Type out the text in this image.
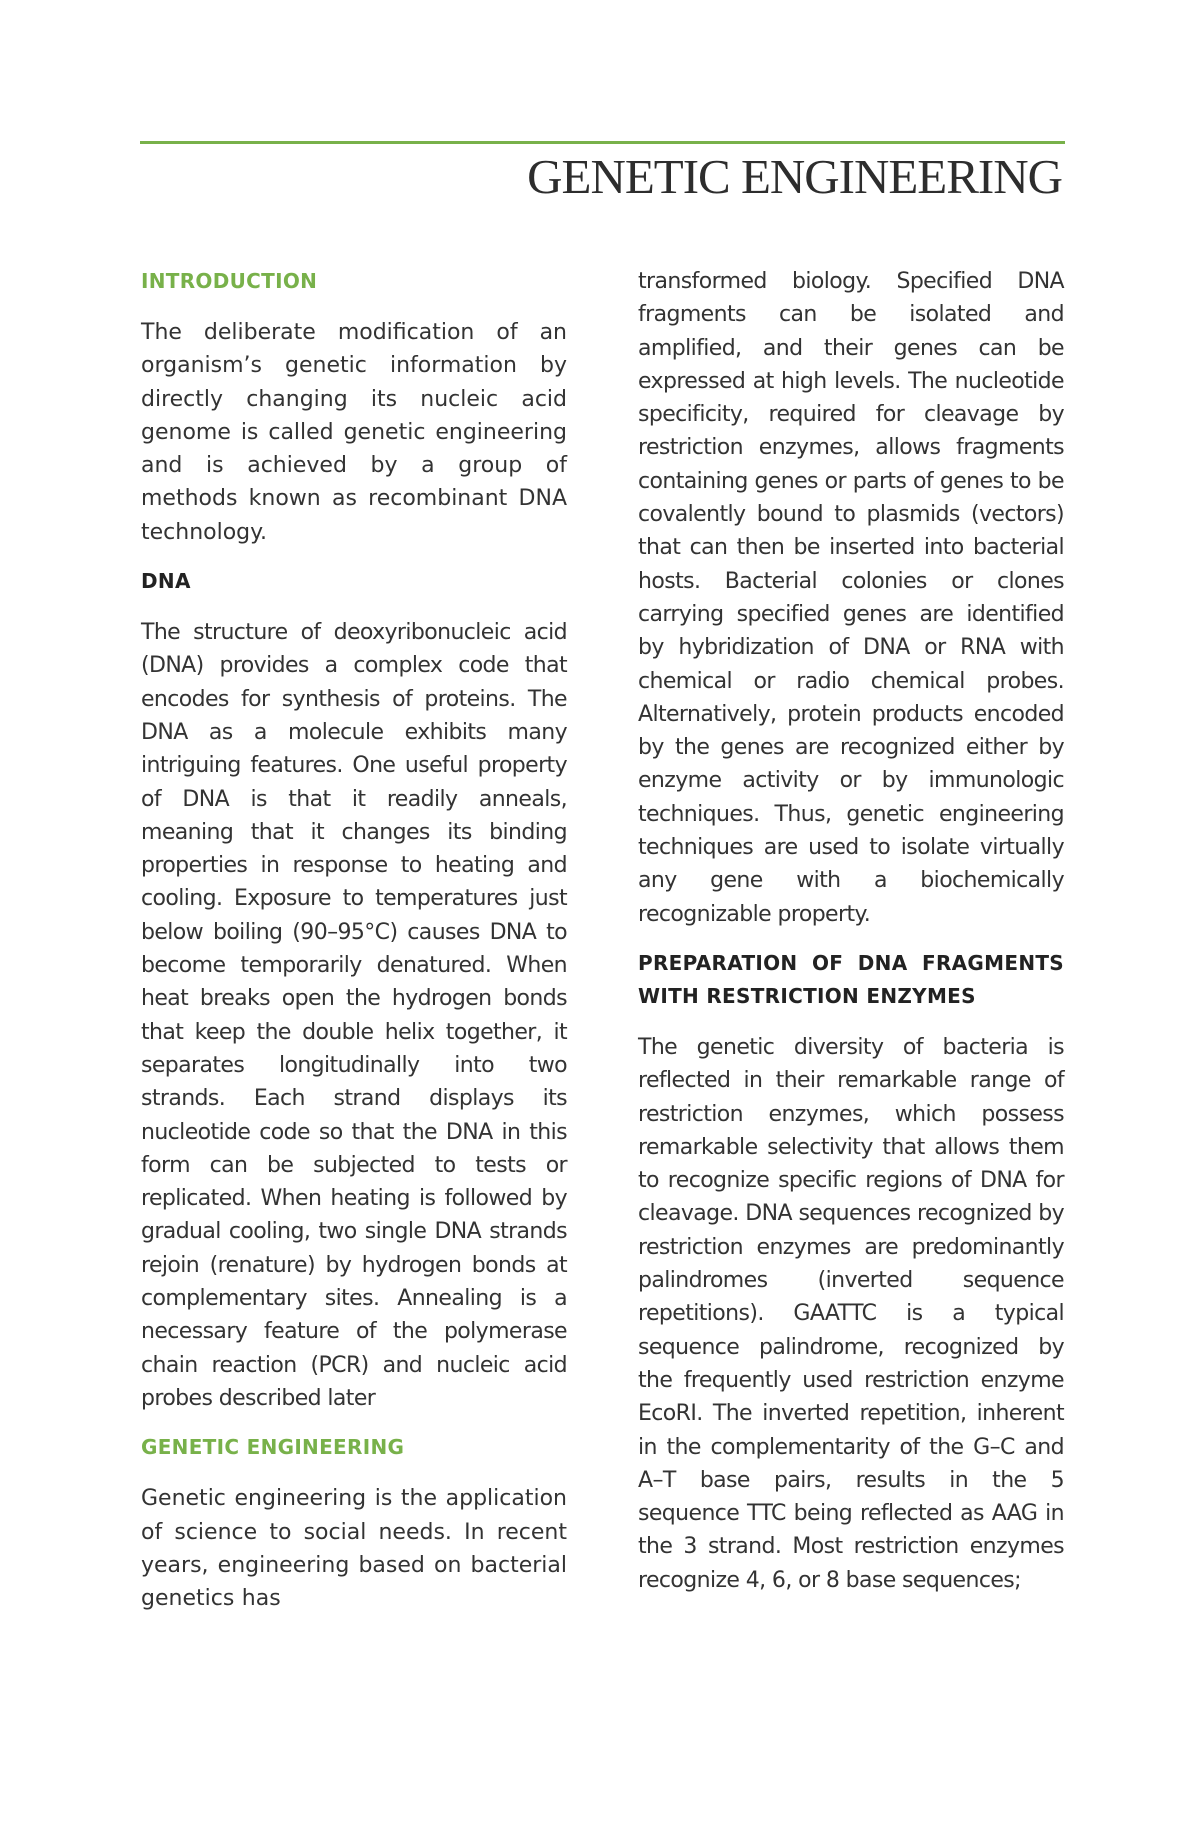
GENETIC ENGINEERING
INTRODUCTION

The deliberate modification of an organism’s genetic information by directly changing its nucleic acid genome is called genetic engineering and is achieved by a group of methods known as recombinant DNA technology.

DNA

The structure of deoxyribonucleic acid (DNA) provides a complex code that encodes for synthesis of proteins. The DNA as a molecule exhibits many intriguing features. One useful property of DNA is that it readily anneals, meaning that it changes its binding properties in response to heating and cooling. Exposure to temperatures just below boiling (90–95°C) causes DNA to become temporarily denatured. When heat breaks open the hydrogen bonds that keep the double helix together, it separates longitudinally into two strands. Each strand displays its nucleotide code so that the DNA in this form can be subjected to tests or replicated. When heating is followed by gradual cooling, two single DNA strands rejoin (renature) by hydrogen bonds at complementary sites. Annealing is a necessary feature of the polymerase chain reaction (PCR) and nucleic acid probes described later

GENETIC ENGINEERING

Genetic engineering is the application of science to social needs. In recent years, engineering based on bacterial genetics has

transformed biology. Specified DNA fragments can be isolated and amplified, and their genes can be expressed at high levels. The nucleotide specificity, required for cleavage by restriction enzymes, allows fragments containing genes or parts of genes to be covalently bound to plasmids (vectors) that can then be inserted into bacterial hosts. Bacterial colonies or clones carrying specified genes are identified by hybridization of DNA or RNA with chemical or radio chemical probes. Alternatively, protein products encoded by the genes are recognized either by enzyme activity or by immunologic techniques. Thus, genetic engineering techniques are used to isolate virtually any gene with a biochemically recognizable property.

PREPARATION OF DNA FRAGMENTS WITH RESTRICTION ENZYMES

The genetic diversity of bacteria is reflected in their remarkable range of restriction enzymes, which possess remarkable selectivity that allows them to recognize specific regions of DNA for cleavage. DNA sequences recognized by restriction enzymes are predominantly palindromes (inverted sequence repetitions). GAATTC is a typical sequence palindrome, recognized by the frequently used restriction enzyme EcoRI. The inverted repetition, inherent in the complementarity of the G–C and A–T base pairs, results in the 5 sequence TTC being reflected as AAG in the 3 strand. Most restriction enzymes recognize 4, 6, or 8 base sequences;
